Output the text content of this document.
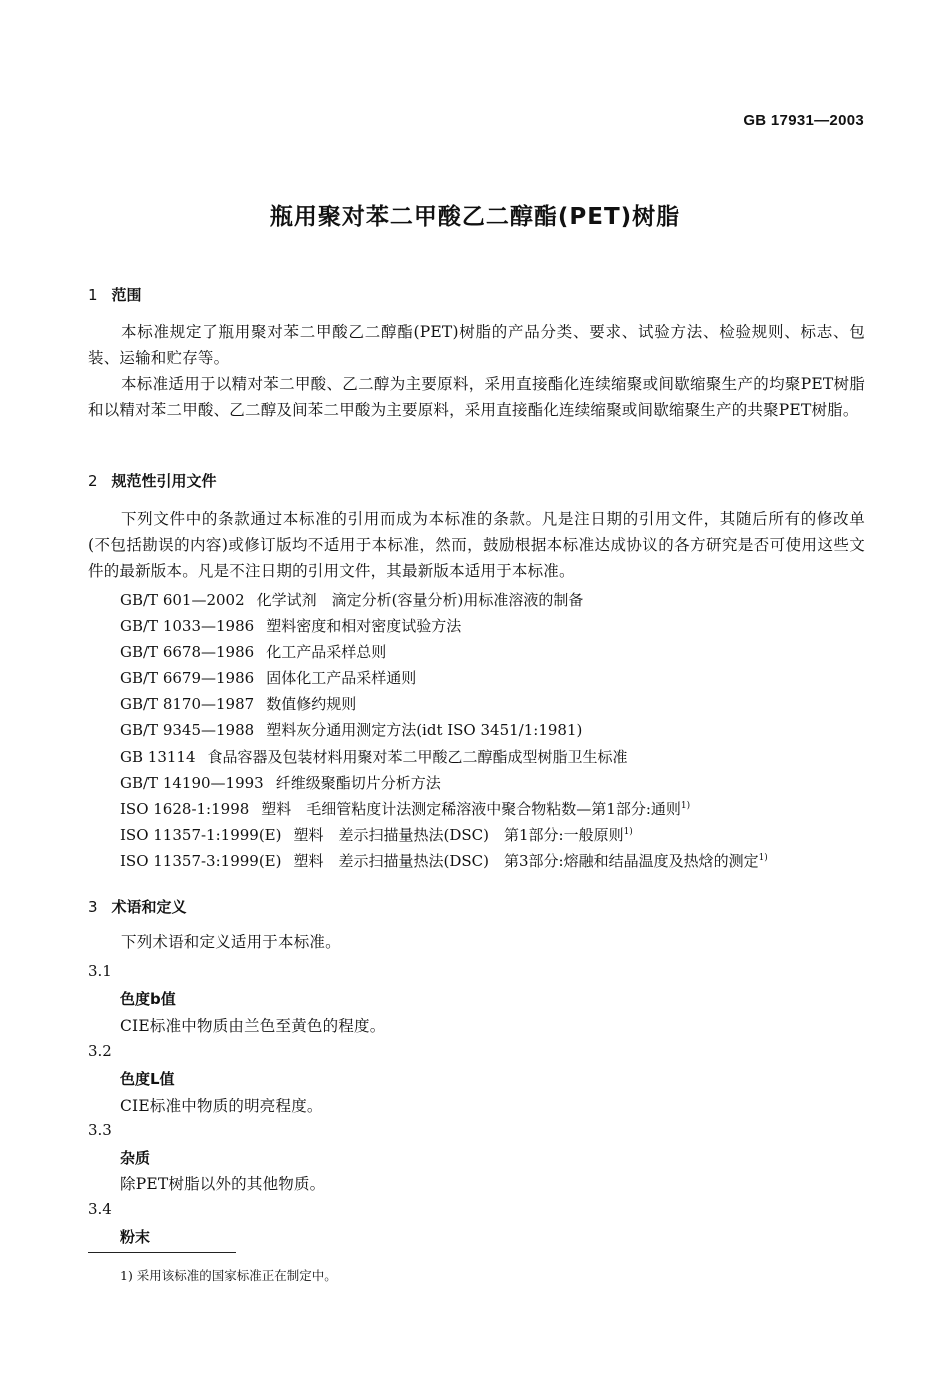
GB 17931—2003
瓶用聚对苯二甲酸乙二醇酯(PET)树脂
1 范围
本标准规定了瓶用聚对苯二甲酸乙二醇酯(PET)树脂的产品分类、要求、试验方法、检验规则、标志、包装、运输和贮存等。
本标准适用于以精对苯二甲酸、乙二醇为主要原料，采用直接酯化连续缩聚或间歇缩聚生产的均聚PET树脂和以精对苯二甲酸、乙二醇及间苯二甲酸为主要原料，采用直接酯化连续缩聚或间歇缩聚生产的共聚PET树脂。
2 规范性引用文件
下列文件中的条款通过本标准的引用而成为本标准的条款。凡是注日期的引用文件，其随后所有的修改单(不包括勘误的内容)或修订版均不适用于本标准，然而，鼓励根据本标准达成协议的各方研究是否可使用这些文件的最新版本。凡是不注日期的引用文件，其最新版本适用于本标准。
GB/T 601—2002 化学试剂　滴定分析(容量分析)用标准溶液的制备
GB/T 1033—1986 塑料密度和相对密度试验方法
GB/T 6678—1986 化工产品采样总则
GB/T 6679—1986 固体化工产品采样通则
GB/T 8170—1987 数值修约规则
GB/T 9345—1988 塑料灰分通用测定方法(idt ISO 3451/1:1981)
GB 13114 食品容器及包装材料用聚对苯二甲酸乙二醇酯成型树脂卫生标准
GB/T 14190—1993 纤维级聚酯切片分析方法
ISO 1628-1:1998 塑料　毛细管粘度计法测定稀溶液中聚合物粘数—第1部分:通则$^{1)}$
ISO 11357-1:1999(E) 塑料　差示扫描量热法(DSC)　第1部分:一般原则$^{1)}$
ISO 11357-3:1999(E) 塑料　差示扫描量热法(DSC)　第3部分:熔融和结晶温度及热焓的测定$^{1)}$
3 术语和定义
下列术语和定义适用于本标准。
3.1
色度b值
CIE标准中物质由兰色至黄色的程度。
3.2
色度L值
CIE标准中物质的明亮程度。
3.3
杂质
除PET树脂以外的其他物质。
3.4
粉末
1) 采用该标准的国家标准正在制定中。
